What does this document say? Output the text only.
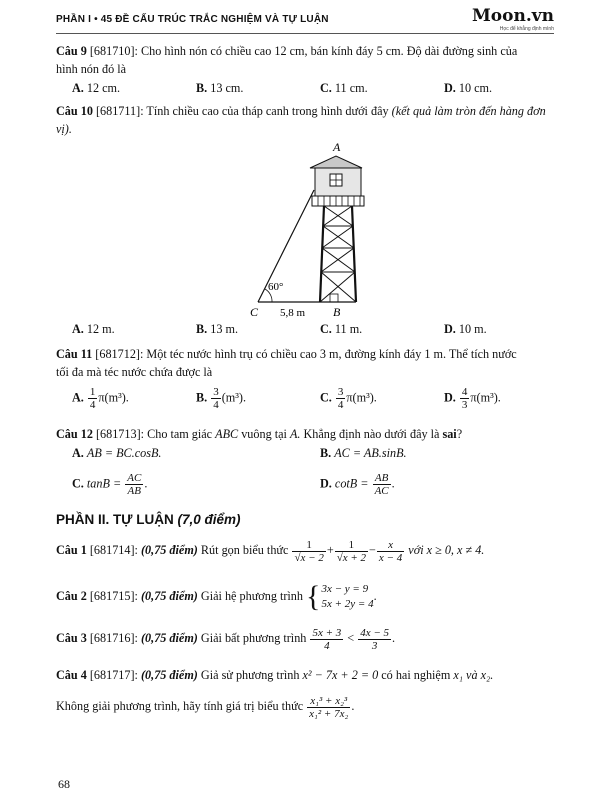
PHẦN I • 45 ĐỀ CẤU TRÚC TRẮC NGHIỆM VÀ TỰ LUẬN	Moon.vn
Học để khẳng định mình
Câu 9 [681710]: Cho hình nón có chiều cao 12 cm, bán kính đáy 5 cm. Độ dài đường sinh của
hình nón đó là
A. 12 cm.	B. 13 cm.	C. 11 cm.	D. 10 cm.
Câu 10 [681711]: Tính chiều cao của tháp canh trong hình dưới đây (kết quả làm tròn đến hàng đơn vị).
A
60°
C 5,8 m B
A. 12 m.	B. 13 m.	C. 11 m.	D. 10 m.
Câu 11 [681712]: Một téc nước hình trụ có chiều cao 3 m, đường kính đáy 1 m. Thể tích nước
tối đa mà téc nước chứa được là
A. $\frac{1}{4} \pi(m^3)$.	B. $\frac{3}{4} (m^3)$.	C. $\frac{3}{4} \pi(m^3)$.	D. $\frac{4}{3} \pi(m^3)$.
Câu 12 [681713]: Cho tam giác ABC vuông tại A. Khẳng định nào dưới đây là sai?
A. AB = BC.cosB.	B. AC = AB.sinB.
C. $\tan B = \frac{AC}{AB}$ .	D. $\cot B = \frac{AB}{AC}$ .
PHẦN II. TỰ LUẬN (7,0 điểm)
Câu 1 [681714]: (0,75 điểm) Rút gọn biểu thức $\frac{1}{√x - 2} + \frac{1}{√x + 2} - \frac{x}{x - 4}$ với x ≥ 0, x ≠ 4.
Câu 2 [681715]: (0,75 điểm) Giải hệ phương trình {3x − y = 9
5x + 2y = 4.
Câu 3 [681716]: (0,75 điểm) Giải bất phương trình $\frac{5x + 3}{4} < \frac{4x - 5}{3}$ .
Câu 4 [681717]: (0,75 điểm) Giả sử phương trình x² − 7x + 2 = 0 có hai nghiệm x₁ và x₂.
Không giải phương trình, hãy tính giá trị biểu thức $\frac{\text{x₁³ + x₂³}}{\text{x₁² + 7x₂}}$ .
68
